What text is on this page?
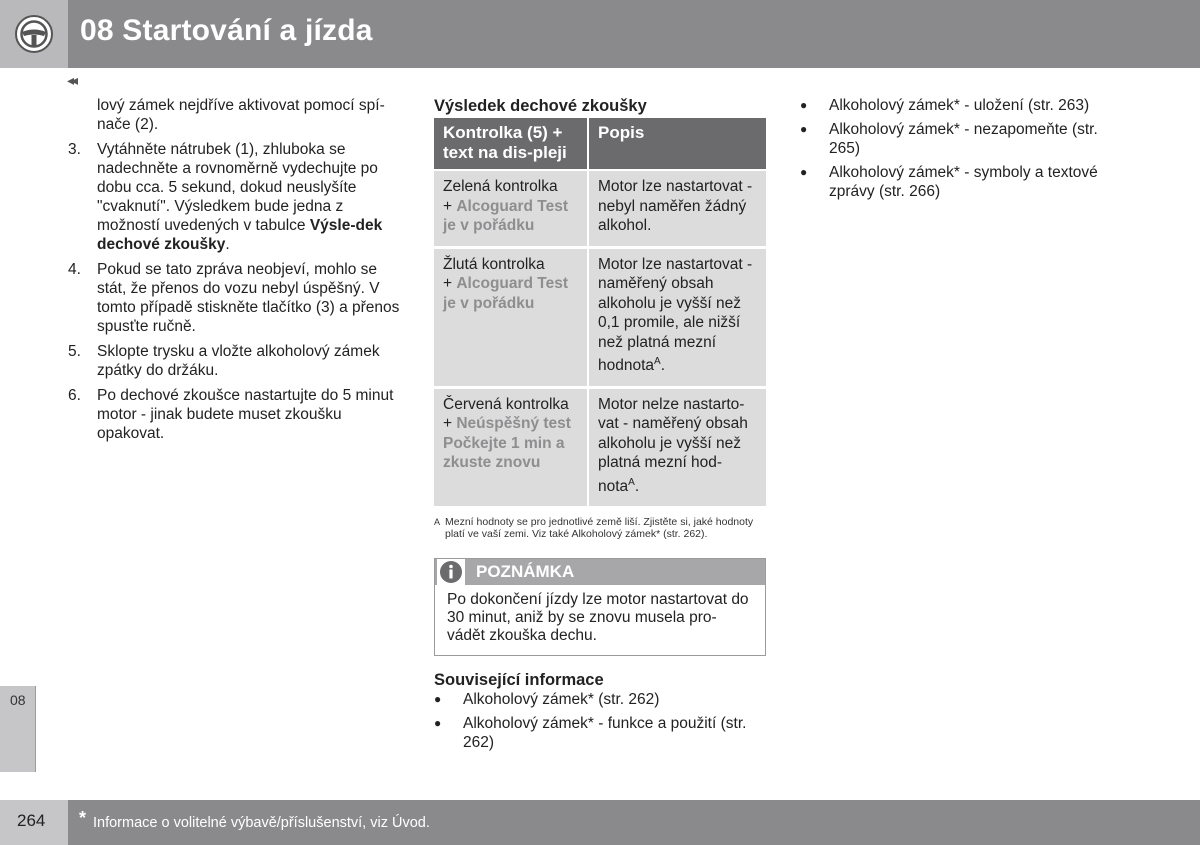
08 Startování a jízda
◂◂
lový zámek nejdříve aktivovat pomocí spí-nače (2).
3.	Vytáhněte nátrubek (1), zhluboka se nadechněte a rovnoměrně vydechujte po dobu cca. 5 sekund, dokud neuslyšíte "cvaknutí". Výsledkem bude jedna z možností uvedených v tabulce Výsle-dek dechové zkoušky.
4.	Pokud se tato zpráva neobjeví, mohlo se stát, že přenos do vozu nebyl úspěšný. V tomto případě stiskněte tlačítko (3) a přenos spusťte ručně.
5.	Sklopte trysku a vložte alkoholový zámek zpátky do držáku.
6.	Po dechové zkoušce nastartujte do 5 minut motor - jinak budete muset zkoušku opakovat.
Výsledek dechové zkoušky
Kontrolka (5) + text na dis-pleji	Popis
Zelená kontrolka
+ Alcoguard Test je v pořádku	Motor lze nastartovat - nebyl naměřen žádný alkohol.
Žlutá kontrolka
+ Alcoguard Test je v pořádku	Motor lze nastartovat - naměřený obsah alkoholu je vyšší než 0,1 promile, ale nižší než platná mezní hodnota$^A$.
Červená kontrolka
+ Neúspěšný test Počkejte 1 min a zkuste znovu	Motor nelze nastarto-vat - naměřený obsah alkoholu je vyšší než platná mezní hod-nota$^A$.
A Mezní hodnoty se pro jednotlivé země liší. Zjistěte si, jaké hodnoty platí ve vaší zemi. Viz také Alkoholový zámek* (str. 262).
POZNÁMKA
Po dokončení jízdy lze motor nastartovat do 30 minut, aniž by se znovu musela pro-vádět zkouška dechu.
Související informace
●	Alkoholový zámek* (str. 262)
●	Alkoholový zámek* - funkce a použití (str. 262)
●	Alkoholový zámek* - uložení (str. 263)
●	Alkoholový zámek* - nezapomeňte (str. 265)
●	Alkoholový zámek* - symboly a textové zprávy (str. 266)
08
264 * Informace o volitelné výbavě/příslušenství, viz Úvod.
